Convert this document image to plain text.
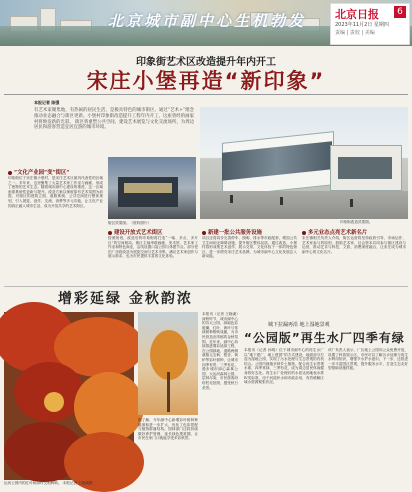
北京城市副中心生机勃发	北京日报	6
2023年11月2日 星期四
责编 | 责校 | 美编
印象街艺术区改造提升年内开工
宋庄小堡再造“新印象”
本报记者 陈强
有艺术家聚集地，有热闹的居民生活，是极具特色的城市街区。通过“艺术+”理念推动业态融合与街区更新。小堡村印象街改造提升工程年内开工，这座曾经的画家村将焕发新的光彩。 街区将重塑公共空间，建设艺术展览与文化交流场所，为周边居民和游客营造宜居宜游的城市环境。
印象街改造效果图。
“文化产业园”变“街区”
印象街位于宋庄镇小堡村，是宋庄艺术区最具代表性的区域之一。多年来，这里聚集了大量艺术家工作室与画廊，形成了独特的艺术生态。随着城市副中心建设的推进，这一区域亟需系统性更新与提升。改造方案以保留原有艺术氛围为前提，对街区的建筑立面、道路系统、公共空间进行整体规划，引入展览、创作、交流、消费等多元功能，让文化产业园真正融入城市生活，成为开放共享的艺术街区。
街区效果图。（资料照片）
建设开放式艺术街区
按照规划，改造后的印象街将打造“一轴、多点、多片区”的空间格局。街区主轴串联画廊、美术馆、艺术家工作室和特色商业，沿线设置口袋公园与休憩节点。部分老旧厂房将改造为展览空间与艺术市集，满足艺术家创作与展示需求，也为市民提供丰富的文化体验。
新建一批公共服务设施
项目还将同步完善停车、照明、排水等市政配套，增加公共卫生间和无障碍设施，提升街区整体品质。通过改造，小堡村将形成集艺术创作、展示交易、文化体验于一体的特色街区，进一步擦亮宋庄艺术品牌，为城市副中心文化发展注入新动能。
多元业态点亮艺术新名片
宋庄镇相关负责人介绍，街区运营将坚持政府引导、市场运作、艺术家参与的原则，鼓励艺术家、社会资本共同参与街区建设与运营，推动艺术与科技、文旅、消费深度融合，让宋庄成为城市副中心的文化名片。
增彩延绿 金秋韵浓
运河公园内的红叶和绿叶交相辉映。 本报记者 王晓溪摄
据了解，今年副中心新增彩叶树种种植面积进一步扩大，优化了色彩搭配与植物群落结构。园林部门还将持续做好养护管理，延长绿色观赏期，让市民在家门口就能享受多彩秋景。
本报讯（记者 王晓溪）深秋时节，城市副中心的各大公园、绿地色彩斑斓，红叶、黄叶与常绿树种相映成趣，为市民营造出浓郁的金秋氛围。近年来，副中心持续推进增彩延绿工程，在公园绿地、道路两侧栽植元宝枫、银杏、黄栌等彩叶树种，让城市四季有景、三季有花。漫步城市绿心森林公园、大运河森林公园，层林尽染，市民游客纷纷驻足拍照，感受秋日美景。
城下拉漏再沿 地上湿地景观
“公园版”再生水厂四季有绿
本报讯（记者 孙明）位于城市副中心的再生水厂以“地下建厂、地上建园”的方式建设，地面部分打造为湿地公园，实现了污水处理与生态景观的有机结合。公园内栽植多种乡土植物，配合再生水景观水系，四季常绿、三季有花，成为周边居民休闲健身的好去处。再生水厂处理后的水质达到地表水准Ⅳ类标准，用于河道补水和市政杂用，有效缓解区域水资源紧张状况。
该厂负责人表示，厂区地上公园向公众免费开放，设置了科普展示区，市民可以了解污水处理与再生水利用知识，增强节水护水意识。下一步，还将进一步丰富园区景观，提升服务水平，打造生态友好型基础设施样板。
